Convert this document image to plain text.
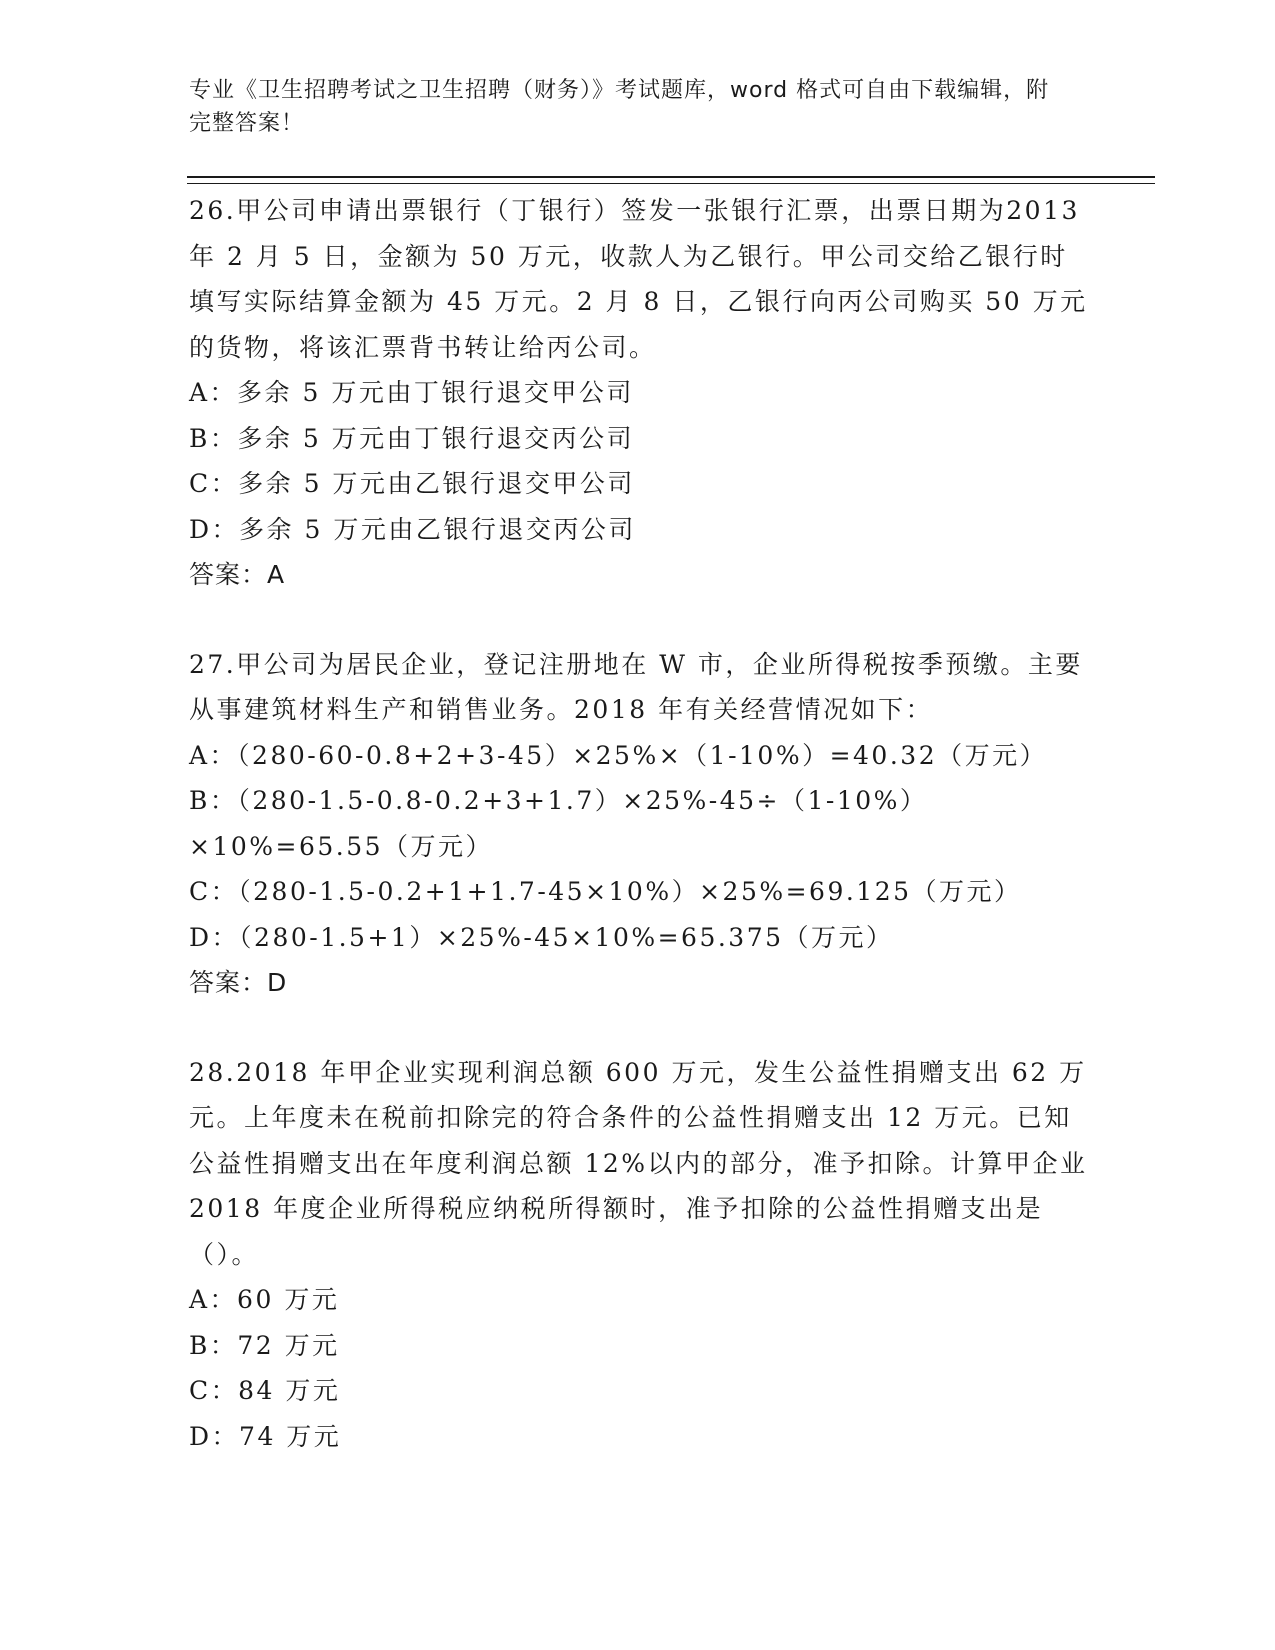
专业《卫生招聘考试之卫生招聘（财务）》考试题库，word 格式可自由下载编辑，附完整答案！
26.甲公司申请出票银行（丁银行）签发一张银行汇票，出票日期为2013 年 2 月 5 日，金额为 50 万元，收款人为乙银行。甲公司交给乙银行时填写实际结算金额为 45 万元。2 月 8 日，乙银行向丙公司购买 50 万元的货物，将该汇票背书转让给丙公司。
A：多余 5 万元由丁银行退交甲公司
B：多余 5 万元由丁银行退交丙公司
C：多余 5 万元由乙银行退交甲公司
D：多余 5 万元由乙银行退交丙公司
答案：A
27.甲公司为居民企业，登记注册地在 W 市，企业所得税按季预缴。主要从事建筑材料生产和销售业务。2018 年有关经营情况如下：
A：（280-60-0.8+2+3-45）×25%×（1-10%）=40.32（万元）
B：（280-1.5-0.8-0.2+3+1.7）×25%-45÷（1-10%）×10%=65.55（万元）
C：（280-1.5-0.2+1+1.7-45×10%）×25%=69.125（万元）
D：（280-1.5+1）×25%-45×10%=65.375（万元）
答案：D
28.2018 年甲企业实现利润总额 600 万元，发生公益性捐赠支出 62 万元。上年度未在税前扣除完的符合条件的公益性捐赠支出 12 万元。已知公益性捐赠支出在年度利润总额 12%以内的部分，准予扣除。计算甲企业 2018 年度企业所得税应纳税所得额时，准予扣除的公益性捐赠支出是（）。
A：60 万元
B：72 万元
C：84 万元
D：74 万元
